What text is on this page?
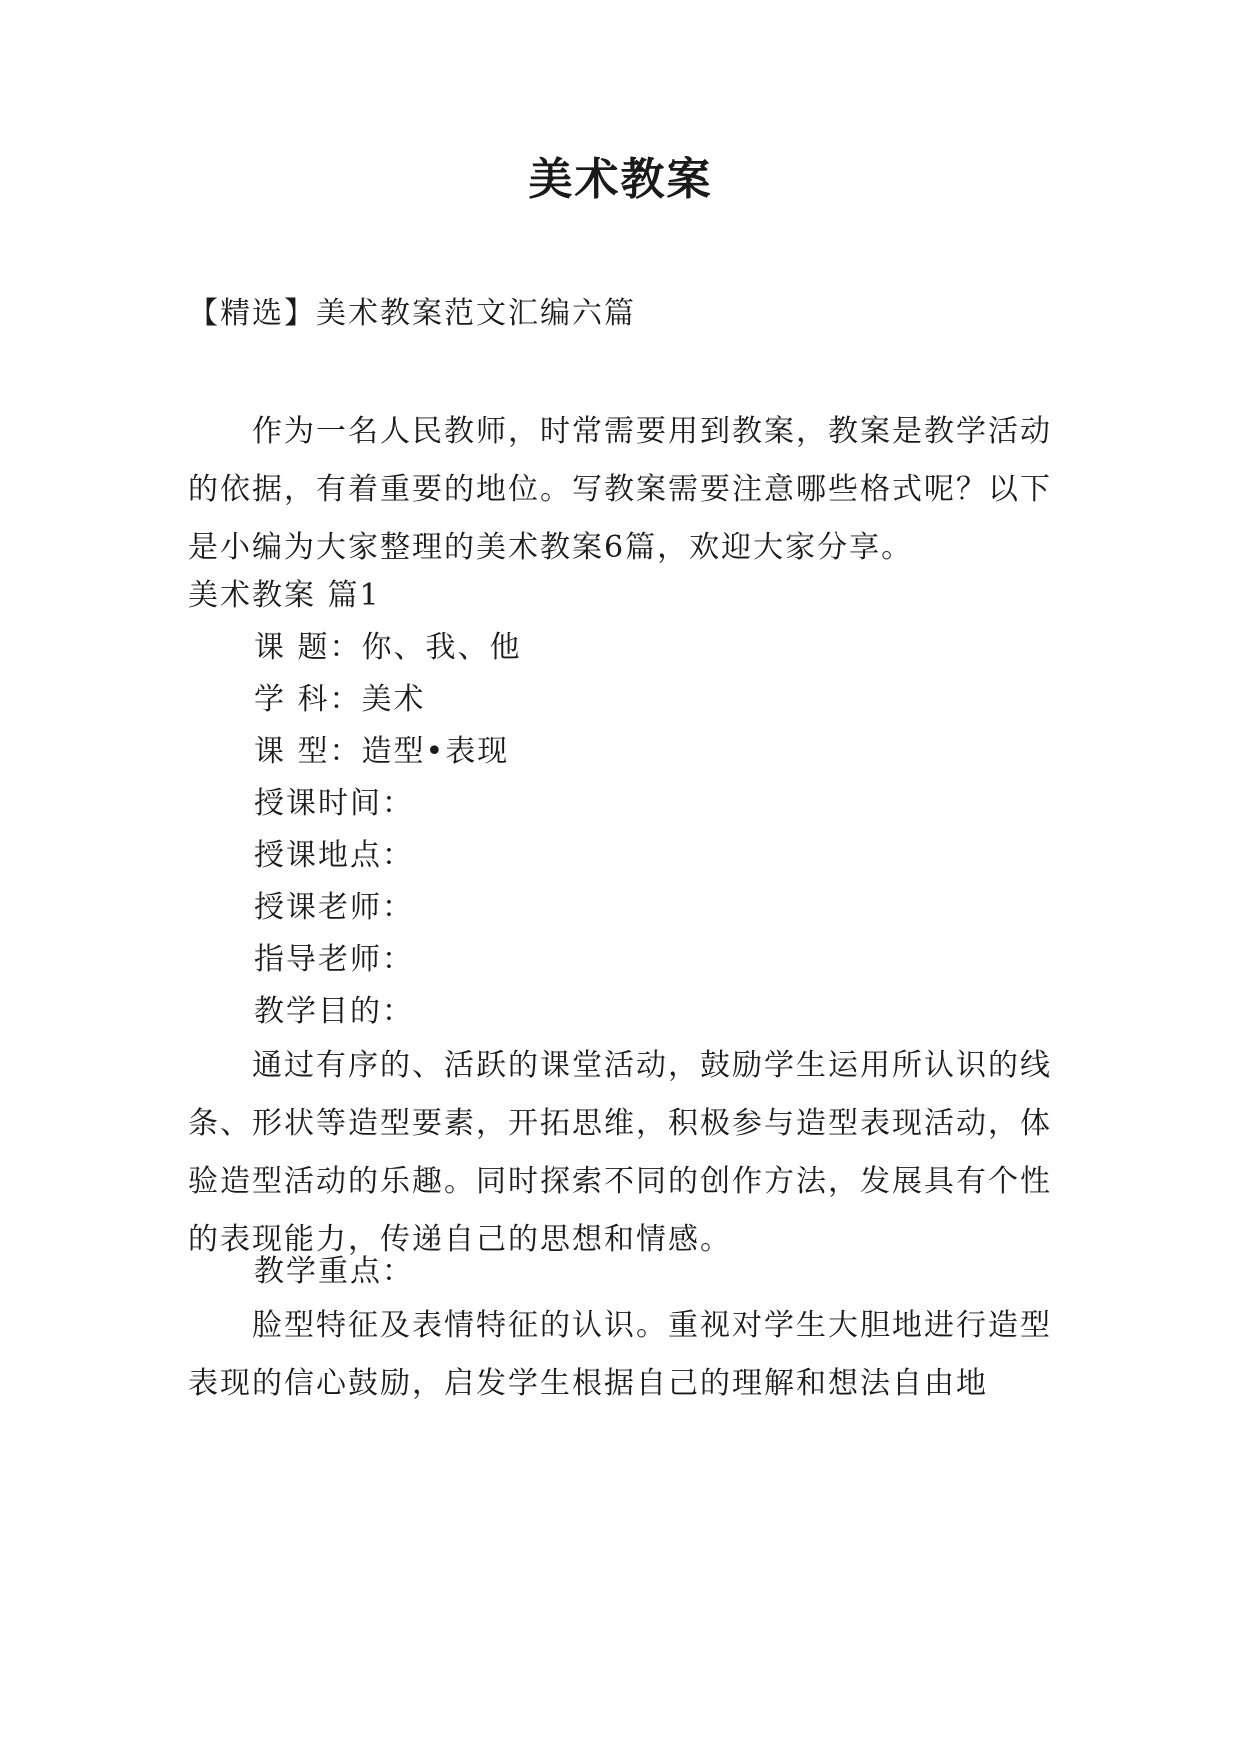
美术教案
【精选】美术教案范文汇编六篇
作为一名人民教师，时常需要用到教案，教案是教学活动的依据，有着重要的地位。写教案需要注意哪些格式呢？以下是小编为大家整理的美术教案6篇，欢迎大家分享。
美术教案 篇1
课 题：你、我、他
学 科：美术
课 型：造型•表现
授课时间：
授课地点：
授课老师：
指导老师：
教学目的：
通过有序的、活跃的课堂活动，鼓励学生运用所认识的线条、形状等造型要素，开拓思维，积极参与造型表现活动，体验造型活动的乐趣。同时探索不同的创作方法，发展具有个性的表现能力，传递自己的思想和情感。
教学重点：
脸型特征及表情特征的认识。重视对学生大胆地进行造型表现的信心鼓励，启发学生根据自己的理解和想法自由地
